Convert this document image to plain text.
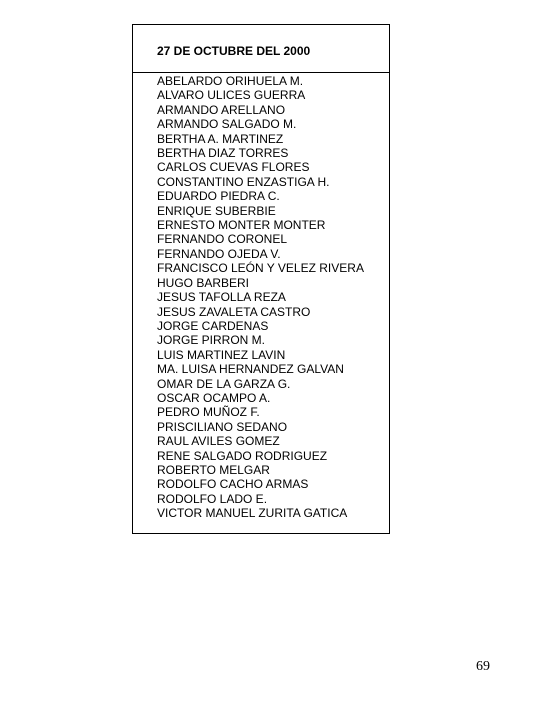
27 DE OCTUBRE DEL 2000
ABELARDO ORIHUELA M.
ALVARO ULICES GUERRA
ARMANDO ARELLANO
ARMANDO SALGADO M.
BERTHA A. MARTINEZ
BERTHA DIAZ TORRES
CARLOS CUEVAS FLORES
CONSTANTINO ENZASTIGA H.
EDUARDO PIEDRA C.
ENRIQUE SUBERBIE
ERNESTO MONTER MONTER
FERNANDO CORONEL
FERNANDO OJEDA V.
FRANCISCO LEÓN Y VELEZ RIVERA
HUGO BARBERI
JESUS TAFOLLA REZA
JESUS ZAVALETA CASTRO
JORGE CARDENAS
JORGE PIRRON M.
LUIS MARTINEZ LAVIN
MA. LUISA HERNANDEZ GALVAN
OMAR DE LA GARZA G.
OSCAR OCAMPO A.
PEDRO MUÑOZ F.
PRISCILIANO SEDANO
RAUL AVILES GOMEZ
RENE SALGADO RODRIGUEZ
ROBERTO MELGAR
RODOLFO CACHO ARMAS
RODOLFO LADO E.
VICTOR MANUEL ZURITA GATICA
69
